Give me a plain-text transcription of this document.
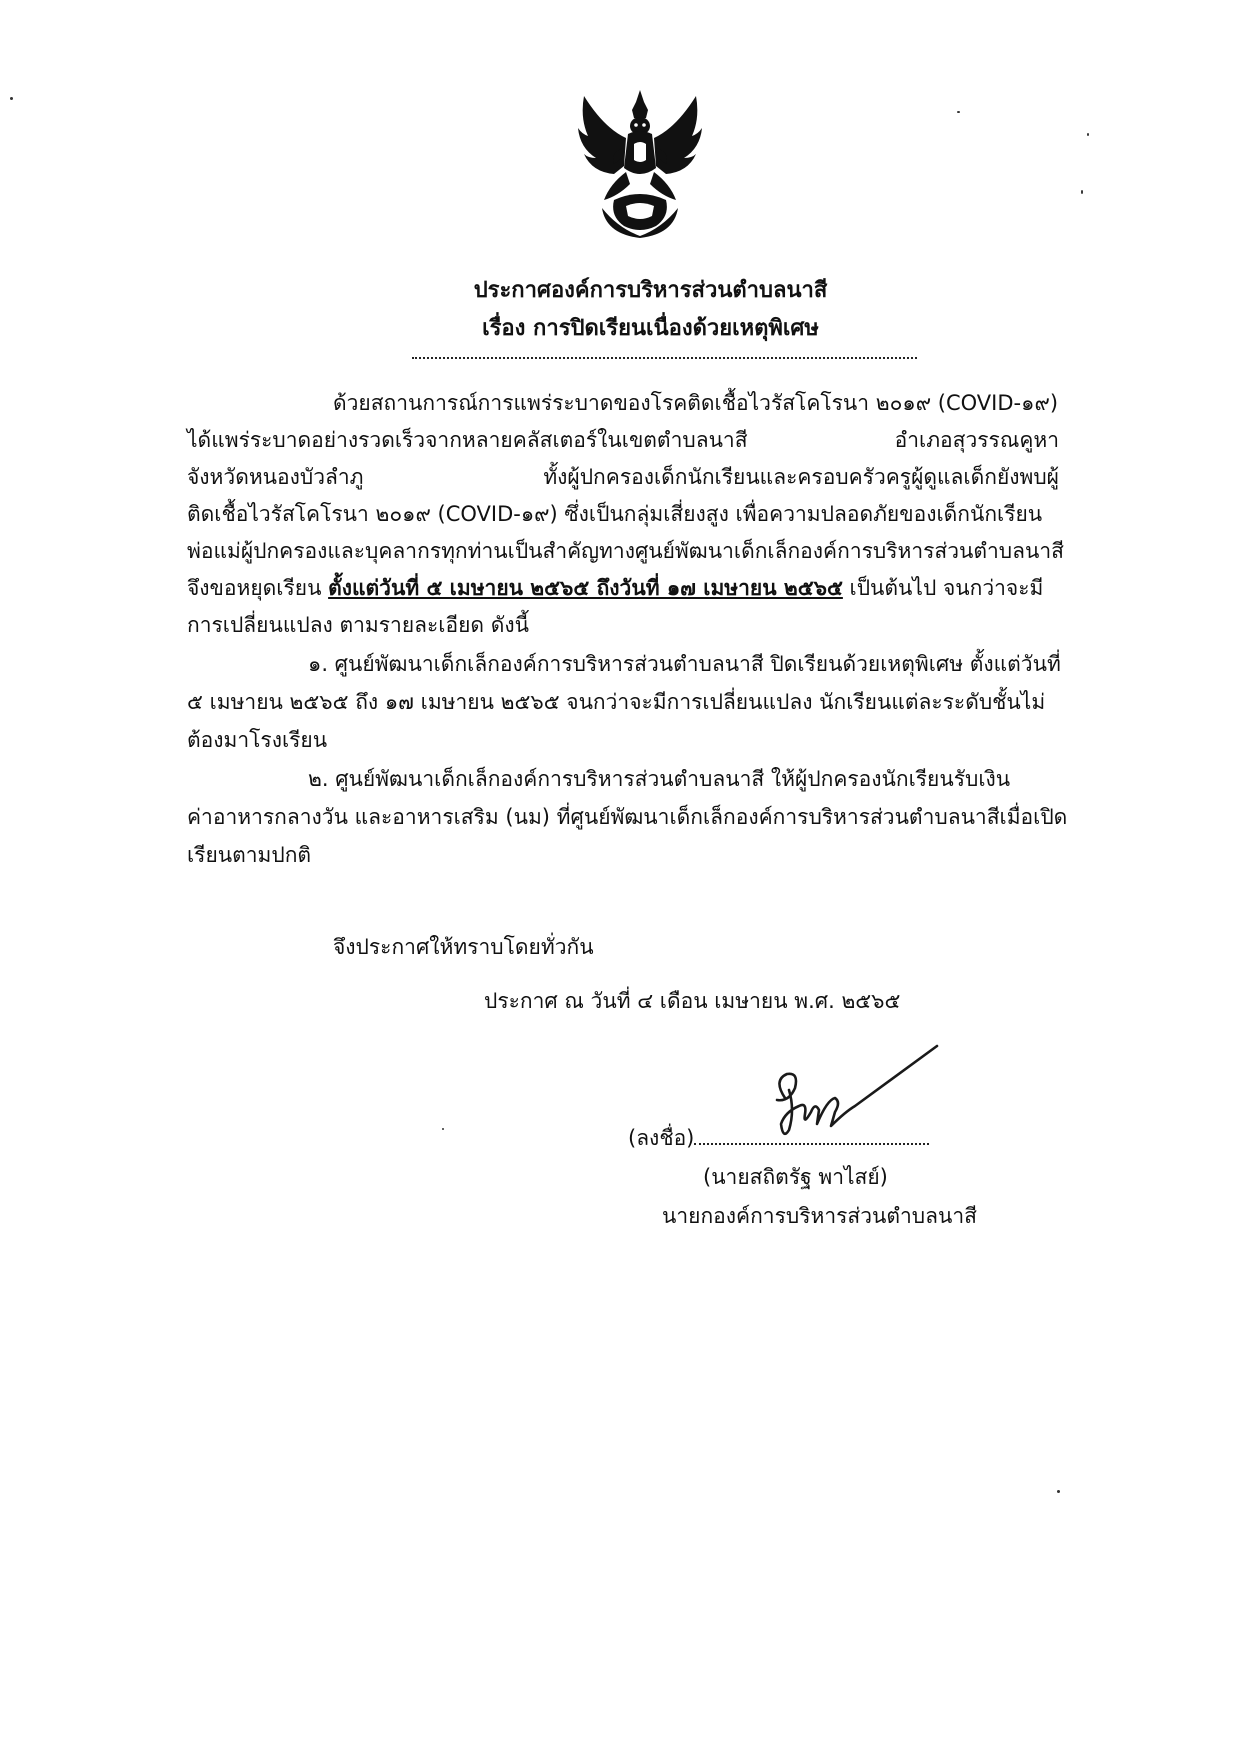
ประกาศองค์การบริหารส่วนตำบลนาสี
เรื่อง การปิดเรียนเนื่องด้วยเหตุพิเศษ
ด้วยสถานการณ์การแพร่ระบาดของโรคติดเชื้อไวรัสโคโรนา ๒๐๑๙ (COVID-๑๙)
ได้แพร่ระบาดอย่างรวดเร็วจากหลายคลัสเตอร์ในเขตตำบลนาสี อำเภอสุวรรณคูหา
จังหวัดหนองบัวลำภู ทั้งผู้ปกครองเด็กนักเรียนและครอบครัวครูผู้ดูแลเด็กยังพบผู้
ติดเชื้อไวรัสโคโรนา ๒๐๑๙ (COVID-๑๙) ซึ่งเป็นกลุ่มเสี่ยงสูง เพื่อความปลอดภัยของเด็กนักเรียน
พ่อแม่ผู้ปกครองและบุคลากรทุกท่านเป็นสำคัญทางศูนย์พัฒนาเด็กเล็กองค์การบริหารส่วนตำบลนาสี
จึงขอหยุดเรียน ตั้งแต่วันที่ ๕ เมษายน ๒๕๖๕ ถึงวันที่ ๑๗ เมษายน ๒๕๖๕ เป็นต้นไป จนกว่าจะมี
การเปลี่ยนแปลง ตามรายละเอียด ดังนี้
๑. ศูนย์พัฒนาเด็กเล็กองค์การบริหารส่วนตำบลนาสี ปิดเรียนด้วยเหตุพิเศษ ตั้งแต่วันที่
๕ เมษายน ๒๕๖๕ ถึง ๑๗ เมษายน ๒๕๖๕ จนกว่าจะมีการเปลี่ยนแปลง นักเรียนแต่ละระดับชั้นไม่
ต้องมาโรงเรียน
๒. ศูนย์พัฒนาเด็กเล็กองค์การบริหารส่วนตำบลนาสี ให้ผู้ปกครองนักเรียนรับเงิน
ค่าอาหารกลางวัน และอาหารเสริม (นม) ที่ศูนย์พัฒนาเด็กเล็กองค์การบริหารส่วนตำบลนาสีเมื่อเปิด
เรียนตามปกติ
จึงประกาศให้ทราบโดยทั่วกัน
ประกาศ ณ วันที่ ๔ เดือน เมษายน พ.ศ. ๒๕๖๕
(ลงชื่อ)
(นายสถิตรัฐ พาไสย์)
นายกองค์การบริหารส่วนตำบลนาสี
